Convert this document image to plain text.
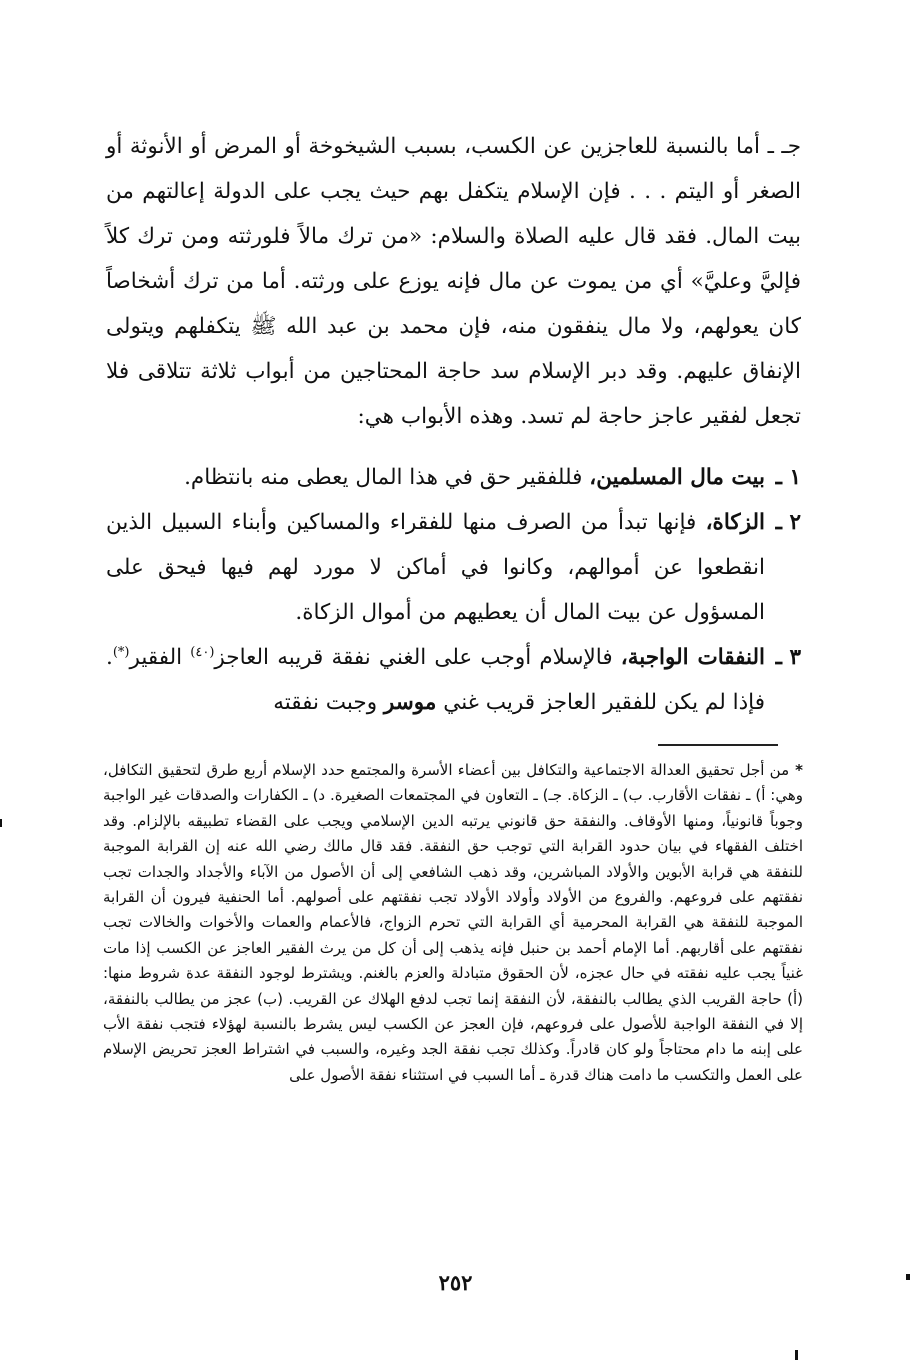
جـ ـ أما بالنسبة للعاجزين عن الكسب، بسبب الشيخوخة أو المرض أو الأنوثة أو الصغر أو اليتم . . . فإن الإسلام يتكفل بهم حيث يجب على الدولة إعالتهم من بيت المال. فقد قال عليه الصلاة والسلام: «من ترك مالاً فلورثته ومن ترك كلاً فإليَّ وعليَّ» أي من يموت عن مال فإنه يوزع على ورثته. أما من ترك أشخاصاً كان يعولهم، ولا مال ينفقون منه، فإن محمد بن عبد الله ﷺ يتكفلهم ويتولى الإنفاق عليهم. وقد دبر الإسلام سد حاجة المحتاجين من أبواب ثلاثة تتلاقى فلا تجعل لفقير عاجز حاجة لم تسد. وهذه الأبواب هي:

١ ـ
بيت مال المسلمين، فللفقير حق في هذا المال يعطى منه بانتظام.
٢ ـ
الزكاة، فإنها تبدأ من الصرف منها للفقراء والمساكين وأبناء السبيل الذين انقطعوا عن أموالهم، وكانوا في أماكن لا مورد لهم فيها فيحق على المسؤول عن بيت المال أن يعطيهم من أموال الزكاة.
٣ ـ
النفقات الواجبة، فالإسلام أوجب على الغني نفقة قريبه العاجز$^{(٤٠)}$ الفقير(*). فإذا لم يكن للفقير العاجز قريب غني موسر وجبت نفقته
*من أجل تحقيق العدالة الاجتماعية والتكافل بين أعضاء الأسرة والمجتمع حدد الإسلام أربع طرق لتحقيق التكافل، وهي: أ) ـ نفقات الأقارب. ب) ـ الزكاة. جـ) ـ التعاون في المجتمعات الصغيرة. د) ـ الكفارات والصدقات غير الواجبة وجوباً قانونياً، ومنها الأوقاف. والنفقة حق قانوني يرتبه الدين الإسلامي ويجب على القضاء تطبيقه بالإلزام. وقد اختلف الفقهاء في بيان حدود القرابة التي توجب حق النفقة. فقد قال مالك رضي الله عنه إن القرابة الموجبة للنفقة هي قرابة الأبوين والأولاد المباشرين، وقد ذهب الشافعي إلى أن الأصول من الآباء والأجداد والجدات تجب نفقتهم على فروعهم. والفروع من الأولاد وأولاد الأولاد تجب نفقتهم على أصولهم. أما الحنفية فيرون أن القرابة الموجبة للنفقة هي القرابة المحرمية أي القرابة التي تحرم الزواج، فالأعمام والعمات والأخوات والخالات تجب نفقتهم على أقاربهم. أما الإمام أحمد بن حنبل فإنه يذهب إلى أن كل من يرث الفقير العاجز عن الكسب إذا مات غنياً يجب عليه نفقته في حال عجزه، لأن الحقوق متبادلة والعزم بالغنم. ويشترط لوجود النفقة عدة شروط منها: (أ) حاجة القريب الذي يطالب بالنفقة، لأن النفقة إنما تجب لدفع الهلاك عن القريب. (ب) عجز من يطالب بالنفقة، إلا في النفقة الواجبة للأصول على فروعهم، فإن العجز عن الكسب ليس يشرط بالنسبة لهؤلاء فتجب نفقة الأب على إبنه ما دام محتاجاً ولو كان قادراً. وكذلك تجب نفقة الجد وغيره، والسبب في اشتراط العجز تحريض الإسلام على العمل والتكسب ما دامت هناك قدرة ـ أما السبب في استثناء نفقة الأصول على
٢٥٢
